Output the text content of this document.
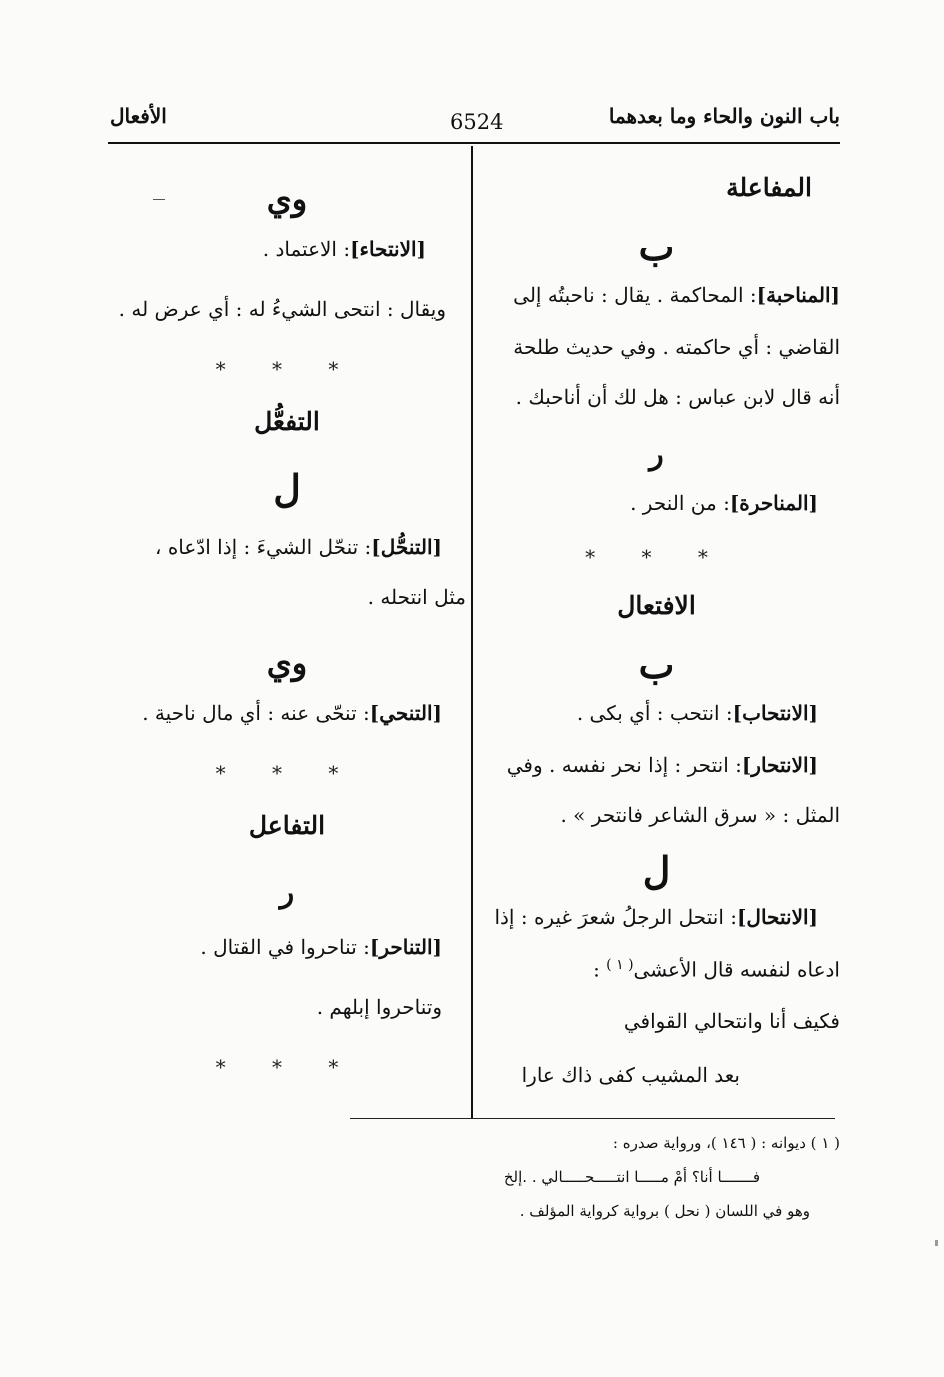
باب النون والحاء وما بعدهما
6524
الأفعال
المفاعلة
ب
[المناحبة]: المحاكمة . يقال : ناحبتُه إلى
القاضي : أي حاكمته . وفي حديث طلحة
أنه قال لابن عباس : هل لك أن أناحبك .
ر
[المناحرة]: من النحر .
* * *
الافتعال
ب
[الانتحاب]: انتحب : أي بكى .
[الانتحار]: انتحر : إذا نحر نفسه . وفي
المثل : « سرق الشاعر فانتحر » .
ل
[الانتحال]: انتحل الرجلُ شعرَ غيره : إذا
ادعاه لنفسه قال الأعشى$^{( ١ )}$ :
فكيف أنا وانتحالي القوافي
بعد المشيب كفى ذاك عارا
وي
[الانتحاء]: الاعتماد .
ويقال : انتحى الشيءُ له : أي عرض له .
* * *
التفعُّل
ل
[التنحُّل]: تنحّل الشيءَ : إذا ادّعاه ،
مثل انتحله .
وي
[التنحي]: تنحّى عنه : أي مال ناحية .
* * *
التفاعل
ر
[التناحر]: تناحروا في القتال .
وتناحروا إبلهم .
* * *
( ١ ) ديوانه : ( ١٤٦ )، ورواية صدره :
فـــــــا أنا؟ أمْ مـــــا انتـــــحـــــالي . .إلخ
وهو في اللسان ( نحل ) برواية كرواية المؤلف .
